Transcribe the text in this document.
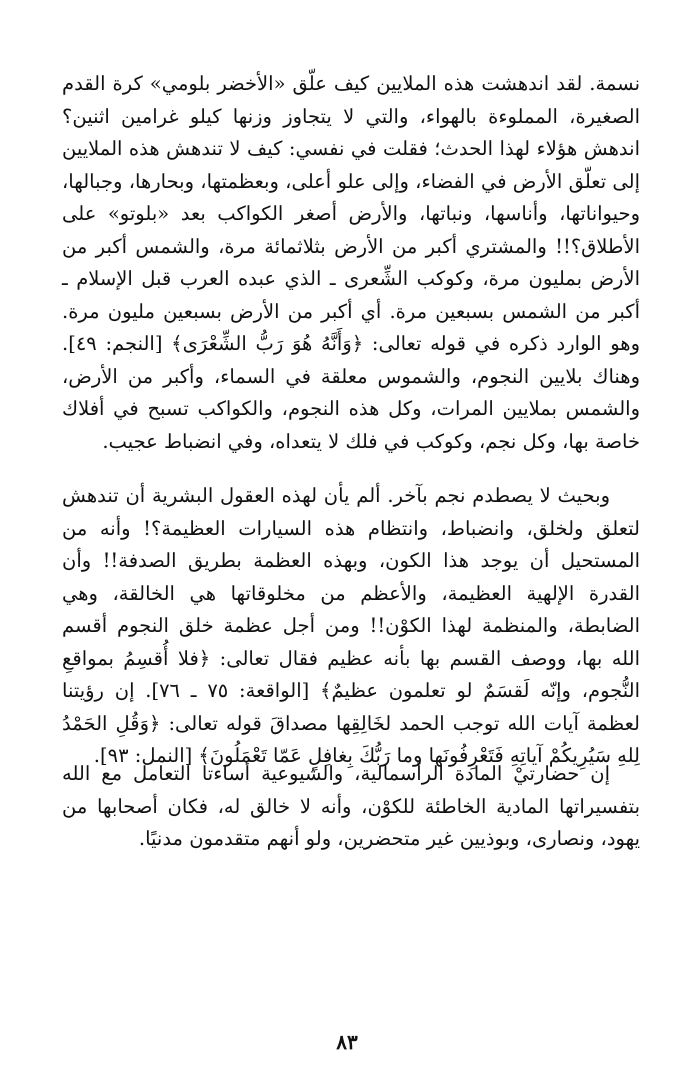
نسمة. لقد اندهشت هذه الملايين كيف علّق «الأخضر بلومي» كرة القدم الصغيرة، المملوءة بالهواء، والتي لا يتجاوز وزنها كيلو غرامين اثنين؟ اندهش هؤلاء لهذا الحدث؛ فقلت في نفسي: كيف لا تندهش هذه الملايين إلى تعلّق الأرض في الفضاء، وإلى علو أعلى، وبعظمتها، وبحارها، وجبالها، وحيواناتها، وأناسها، ونباتها، والأرض أصغر الكواكب بعد «بلوتو» على الأطلاق؟!! والمشتري أكبر من الأرض بثلاثمائة مرة، والشمس أكبر من الأرض بمليون مرة، وكوكب الشِّعرى ـ الذي عبده العرب قبل الإسلام ـ أكبر من الشمس بسبعين مرة. أي أكبر من الأرض بسبعين مليون مرة. وهو الوارد ذكره في قوله تعالى: ﴿وَأَنَّهُ هُوَ رَبُّ الشِّعْرَى﴾ [النجم: ٤٩]. وهناك بلايين النجوم، والشموس معلقة في السماء، وأكبر من الأرض، والشمس بملايين المرات، وكل هذه النجوم، والكواكب تسبح في أفلاك خاصة بها، وكل نجم، وكوكب في فلك لا يتعداه، وفي انضباط عجيب.

وبحيث لا يصطدم نجم بآخر. ألم يأن لهذه العقول البشرية أن تندهش لتعلق ولخلق، وانضباط، وانتظام هذه السيارات العظيمة؟! وأنه من المستحيل أن يوجد هذا الكون، وبهذه العظمة بطريق الصدفة!! وأن القدرة الإلهية العظيمة، والأعظم من مخلوقاتها هي الخالقة، وهي الضابطة، والمنظمة لهذا الكوْن!! ومن أجل عظمة خلق النجوم أقسم الله بها، ووصف القسم بها بأنه عظيم فقال تعالى: ﴿فلا أُقسِمُ بمواقعِ النُّجوم، وإنّه لَقسَمٌ لو تعلمون عظيمٌ﴾ [الواقعة: ٧٥ ـ ٧٦]. إن رؤيتنا لعظمة آيات الله توجب الحمد لخَالِقِها مصداقَ قوله تعالى: ﴿وَقُلِ الحَمْدُ لِلهِ سَيُرِيكُمْ آياتِهِ فَتَعْرِفُونَها وما رَبُّكَ بِغافِلٍ عَمّا تَعْمَلُونَ﴾ [النمل: ٩٣].

إن حضارتيْ المادة الرأسمالية، والشيوعية أساءتا التعامل مع الله بتفسيراتها المادية الخاطئة للكوْن، وأنه لا خالق له، فكان أصحابها من يهود، ونصارى، وبوذيين غير متحضرين، ولو أنهم متقدمون مدنيًا.

٨٣
